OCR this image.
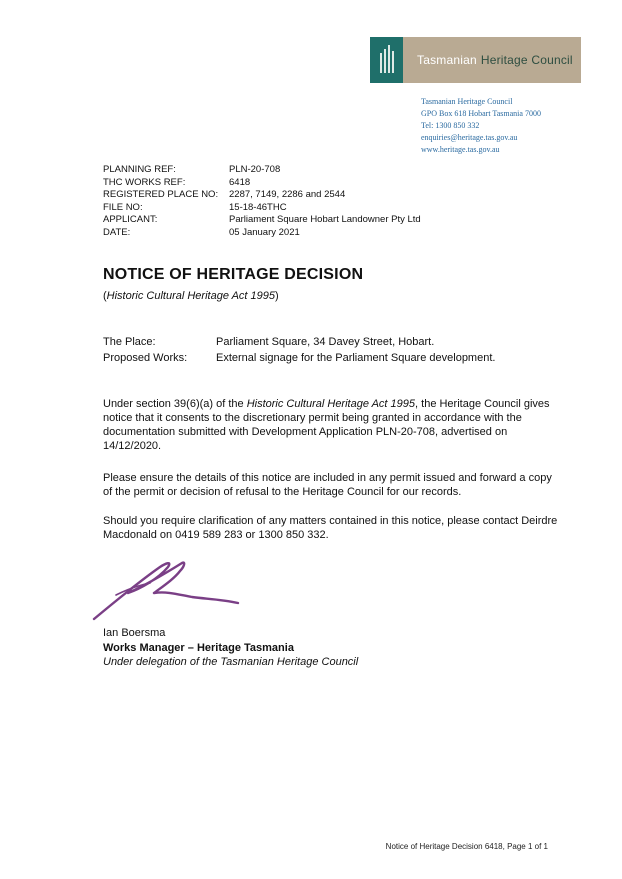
Tasmanian Heritage Council
Tasmanian Heritage Council
GPO Box 618 Hobart Tasmania 7000
Tel: 1300 850 332
enquiries@heritage.tas.gov.au
www.heritage.tas.gov.au
PLANNING REF:	PLN-20-708
THC WORKS REF:	6418
REGISTERED PLACE NO:	2287, 7149, 2286 and 2544
FILE NO:	15-18-46THC
APPLICANT:	Parliament Square Hobart Landowner Pty Ltd
DATE:	05 January 2021
NOTICE OF HERITAGE DECISION
(Historic Cultural Heritage Act 1995)
The Place:	Parliament Square, 34 Davey Street, Hobart.
Proposed Works:	External signage for the Parliament Square development.
Under section 39(6)(a) of the Historic Cultural Heritage Act 1995, the Heritage Council gives notice that it consents to the discretionary permit being granted in accordance with the documentation submitted with Development Application PLN-20-708, advertised on 14/12/2020.
Please ensure the details of this notice are included in any permit issued and forward a copy of the permit or decision of refusal to the Heritage Council for our records.
Should you require clarification of any matters contained in this notice, please contact Deirdre Macdonald on 0419 589 283 or 1300 850 332.
Ian Boersma
Works Manager – Heritage Tasmania
Under delegation of the Tasmanian Heritage Council
Notice of Heritage Decision 6418, Page 1 of 1
